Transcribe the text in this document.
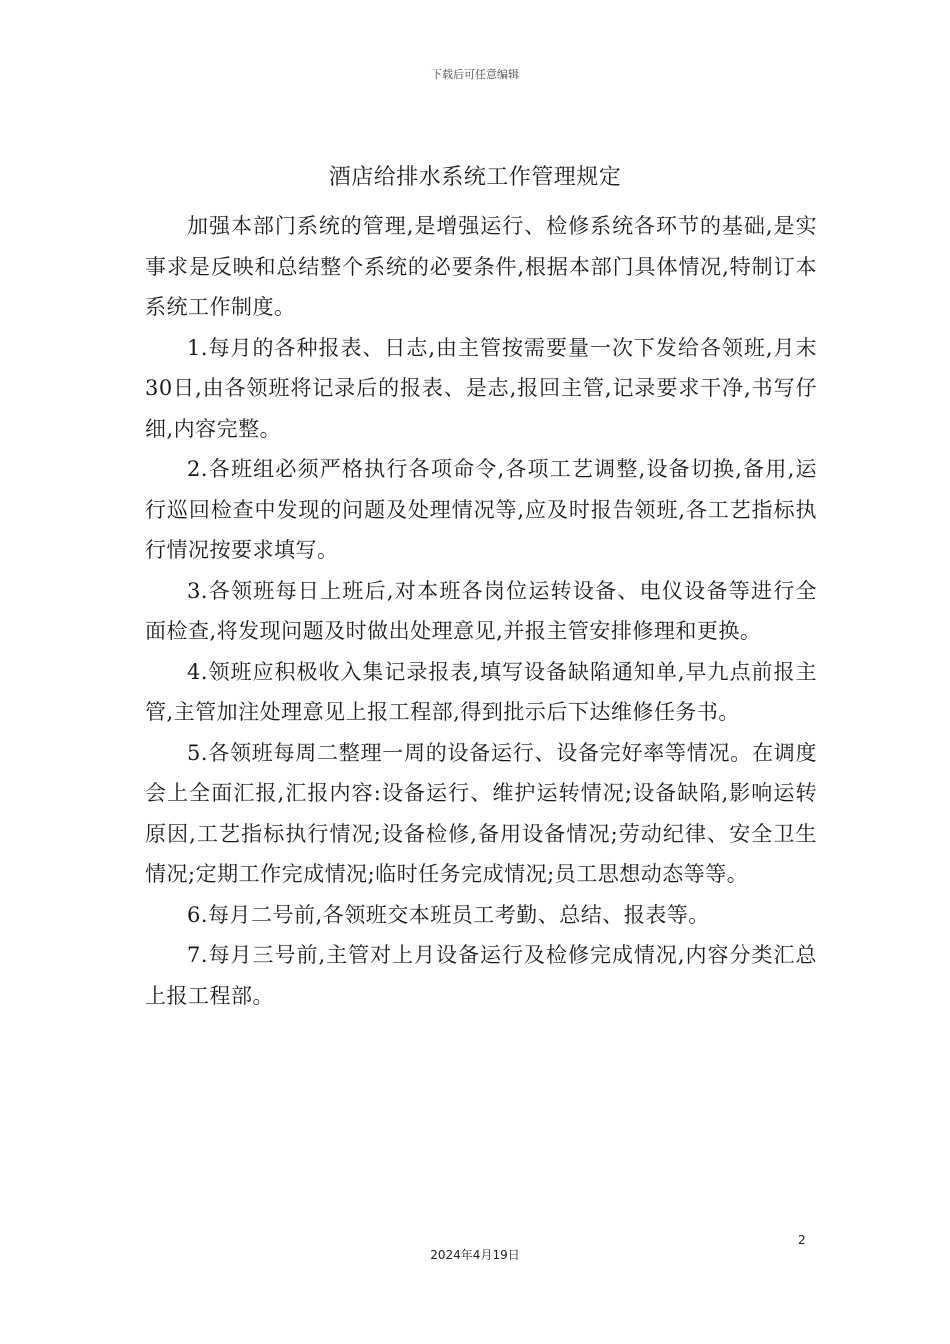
下载后可任意编辑
酒店给排水系统工作管理规定

加强本部门系统的管理,是增强运行、检修系统各环节的基础,是实事求是反映和总结整个系统的必要条件,根据本部门具体情况,特制订本系统工作制度。

1.每月的各种报表、日志,由主管按需要量一次下发给各领班,月末30日,由各领班将记录后的报表、是志,报回主管,记录要求干净,书写仔细,内容完整。

2.各班组必须严格执行各项命令,各项工艺调整,设备切换,备用,运行巡回检查中发现的问题及处理情况等,应及时报告领班,各工艺指标执行情况按要求填写。

3.各领班每日上班后,对本班各岗位运转设备、电仪设备等进行全面检查,将发现问题及时做出处理意见,并报主管安排修理和更换。

4.领班应积极收入集记录报表,填写设备缺陷通知单,早九点前报主管,主管加注处理意见上报工程部,得到批示后下达维修任务书。

5.各领班每周二整理一周的设备运行、设备完好率等情况。在调度会上全面汇报,汇报内容:设备运行、维护运转情况;设备缺陷,影响运转原因,工艺指标执行情况;设备检修,备用设备情况;劳动纪律、安全卫生情况;定期工作完成情况;临时任务完成情况;员工思想动态等等。

6.每月二号前,各领班交本班员工考勤、总结、报表等。

7.每月三号前,主管对上月设备运行及检修完成情况,内容分类汇总上报工程部。

2
2024年4月19日
